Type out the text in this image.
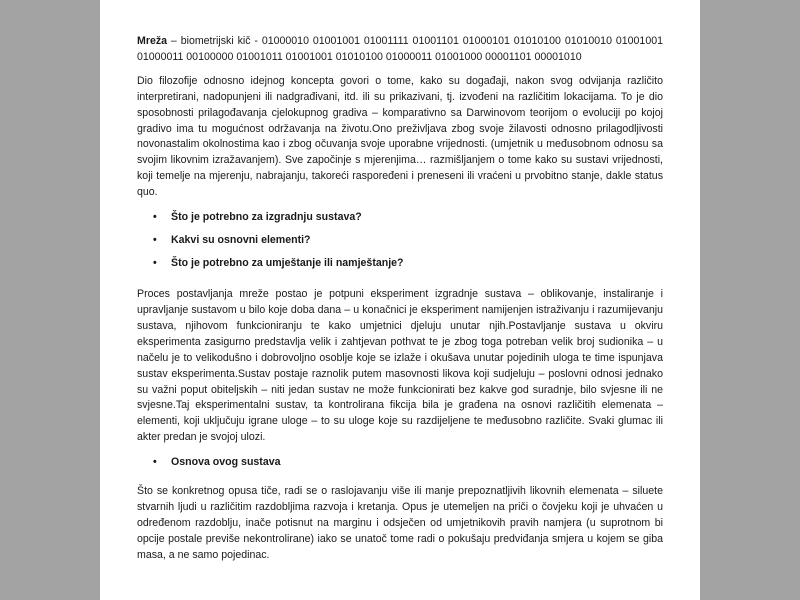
Mreža – biometrijski kič - 01000010 01001001 01001111 01001101 01000101 01010100 01010010 01001001 01000011 00100000 01001011 01001001 01010100 01000011 01001000 00001101 00001010

Dio filozofije odnosno idejnog koncepta govori o tome, kako su događaji, nakon svog odvijanja različito interpretirani, nadopunjeni ili nadgrađivani, itd. ili su prikazivani, tj. izvođeni na različitim lokacijama. To je dio sposobnosti prilagođavanja cjelokupnog gradiva – komparativno sa Darwinovom teorijom o evoluciji po kojoj gradivo ima tu mogućnost održavanja na životu.Ono preživljava zbog svoje žilavosti odnosno prilagodljivosti novonastalim okolnostima kao i zbog očuvanja svoje uporabne vrijednosti. (umjetnik u međusobnom odnosu sa svojim likovnim izražavanjem). Sve započinje s mjerenjima… razmišljanjem o tome kako su sustavi vrijednosti, koji temelje na mjerenju, nabrajanju, takoreći raspoređeni i preneseni ili vraćeni u prvobitno stanje, dakle status quo.

• Što je potrebno za izgradnju sustava?
• Kakvi su osnovni elementi?
• Što je potrebno za umještanje ili namještanje?

Proces postavljanja mreže postao je potpuni eksperiment izgradnje sustava – oblikovanje, instaliranje i upravljanje sustavom u bilo koje doba dana – u konačnici je eksperiment namijenjen istraživanju i razumijevanju sustava, njihovom funkcioniranju te kako umjetnici djeluju unutar njih.Postavljanje sustava u okviru eksperimenta zasigurno predstavlja velik i zahtjevan pothvat te je zbog toga potreban velik broj sudionika – u načelu je to velikodušno i dobrovoljno osoblje koje se izlaže i okušava unutar pojedinih uloga te time ispunjava sustav eksperimenta.Sustav postaje raznolik putem masovnosti likova koji sudjeluju – poslovni odnosi jednako su važni poput obiteljskih – niti jedan sustav ne može funkcionirati bez kakve god suradnje, bilo svjesne ili ne svjesne.Taj eksperimentalni sustav, ta kontrolirana fikcija bila je građena na osnovi različitih elemenata – elementi, koji uključuju igrane uloge – to su uloge koje su razdijeljene te međusobno različite. Svaki glumac ili akter predan je svojoj ulozi.

• Osnova ovog sustava

Što se konkretnog opusa tiče, radi se o raslojavanju više ili manje prepoznatljivih likovnih elemenata – siluete stvarnih ljudi u različitim razdobljima razvoja i kretanja. Opus je utemeljen na priči o čovjeku koji je uhvaćen u određenom razdoblju, inače potisnut na marginu i odsječen od umjetnikovih pravih namjera (u suprotnom bi opcije postale previše nekontrolirane) iako se unatoč tome radi o pokušaju predviđanja smjera u kojem se giba masa, a ne samo pojedinac.
